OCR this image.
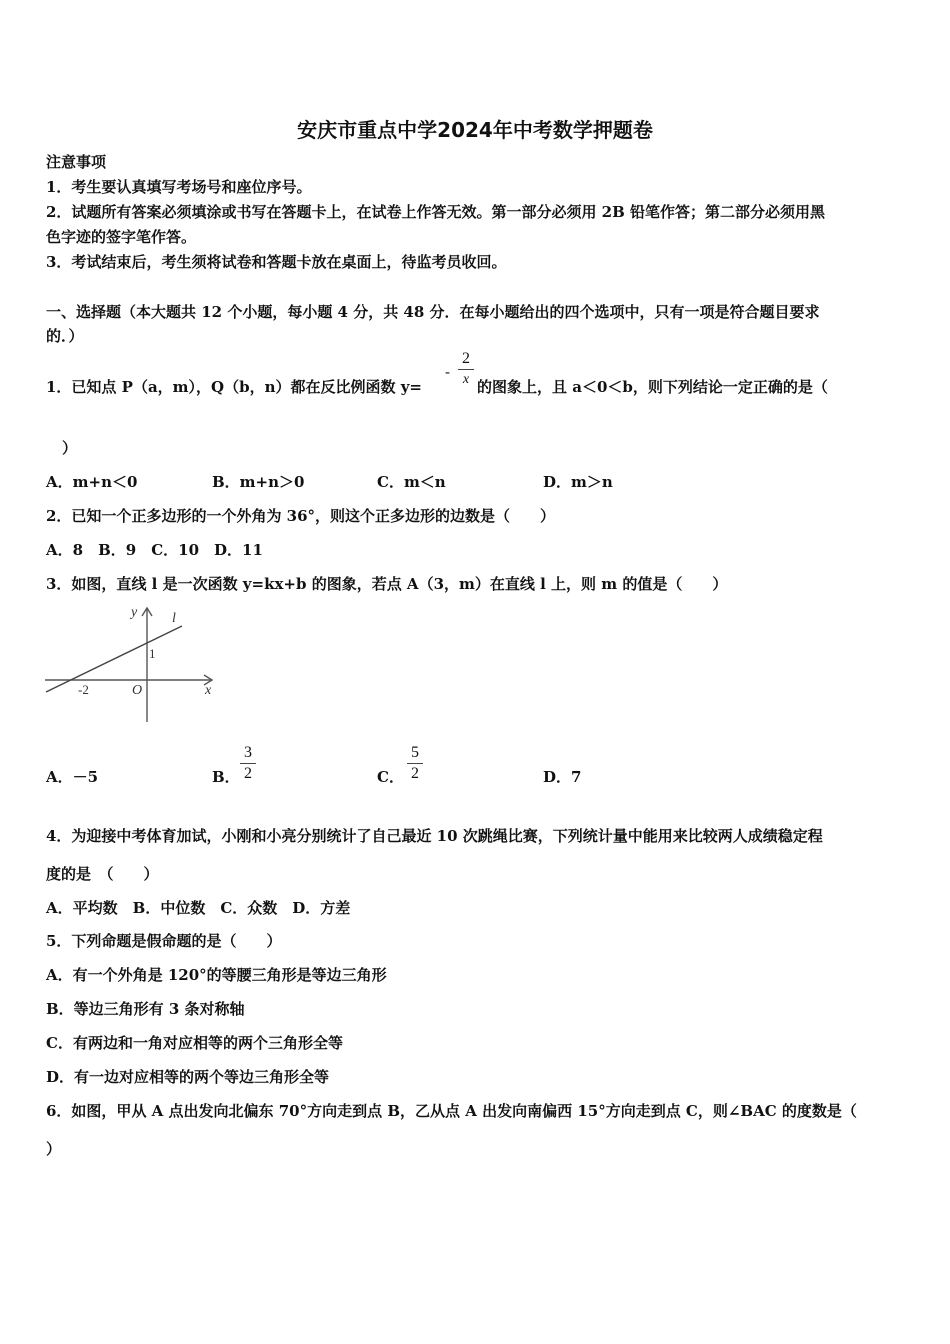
安庆市重点中学2024年中考数学押题卷
注意事项
1．考生要认真填写考场号和座位序号。
2．试题所有答案必须填涂或书写在答题卡上，在试卷上作答无效。第一部分必须用 2B 铅笔作答；第二部分必须用黑
色字迹的签字笔作答。
3．考试结束后，考生须将试卷和答题卡放在桌面上，待监考员收回。
一、选择题（本大题共 12 个小题，每小题 4 分，共 48 分．在每小题给出的四个选项中，只有一项是符合题目要求
的．）
1．已知点 P（a，m），Q（b，n）都在反比例函数 y=
-
2
x 的图象上，且 a＜0＜b，则下列结论一定正确的是（
）
A．m+n＜0	B．m+n＞0	C．m＜n	D．m＞n
2．已知一个正多边形的一个外角为 36°，则这个正多边形的边数是（　　）
A．8　B．9　C．10　D．11
3．如图，直线 l 是一次函数 y=kx+b 的图象，若点 A（3，m）在直线 l 上，则 m 的值是（　　）
y
x
l
1
-2	O
A．－5	B．
3
2	C．
5
2	D．7
4．为迎接中考体育加试，小刚和小亮分别统计了自己最近 10 次跳绳比赛，下列统计量中能用来比较两人成绩稳定程
度的是　（　　）
A．平均数　B．中位数　C．众数　D．方差
5．下列命题是假命题的是（　　）
A．有一个外角是 120°的等腰三角形是等边三角形
B．等边三角形有 3 条对称轴
C．有两边和一角对应相等的两个三角形全等
D．有一边对应相等的两个等边三角形全等
6．如图，甲从 A 点出发向北偏东 70°方向走到点 B，乙从点 A 出发向南偏西 15°方向走到点 C，则∠BAC 的度数是（
）
